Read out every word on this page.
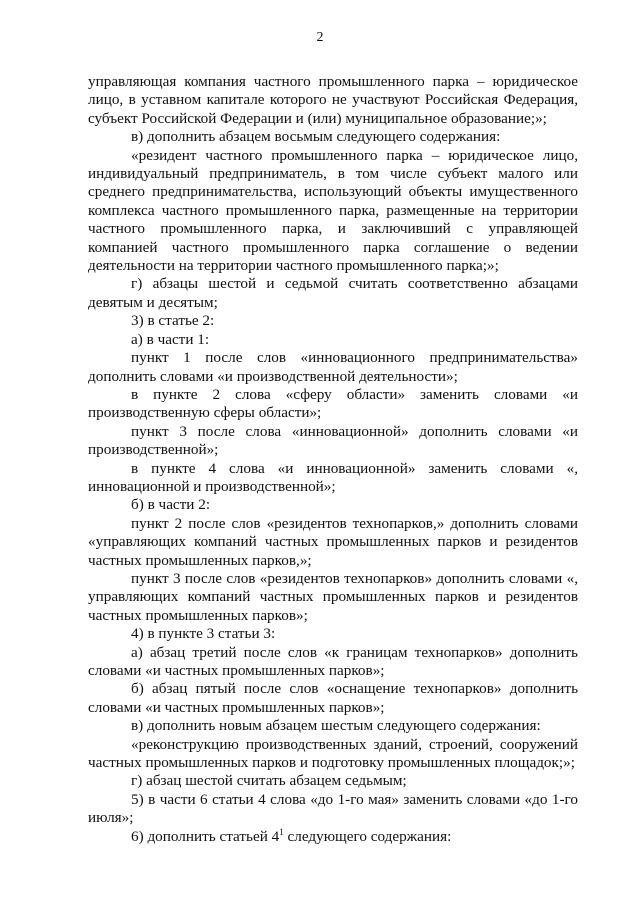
2

управляющая компания частного промышленного парка – юридическое лицо, в уставном капитале которого не участвуют Российская Федерация, субъект Российской Федерации и (или) муниципальное образование;»;

в) дополнить абзацем восьмым следующего содержания:

«резидент частного промышленного парка – юридическое лицо, индивидуальный предприниматель, в том числе субъект малого или среднего предпринимательства, использующий объекты имущественного комплекса частного промышленного парка, размещенные на территории частного промышленного парка, и заключивший с управляющей компанией частного промышленного парка соглашение о ведении деятельности на территории частного промышленного парка;»;

г) абзацы шестой и седьмой считать соответственно абзацами девятым и десятым;

3) в статье 2:

а) в части 1:

пункт 1 после слов «инновационного предпринимательства» дополнить словами «и производственной деятельности»;

в пункте 2 слова «сферу области» заменить словами «и производственную сферы области»;

пункт 3 после слова «инновационной» дополнить словами «и производственной»;

в пункте 4 слова «и инновационной» заменить словами «, инновационной и производственной»;

б) в части 2:

пункт 2 после слов «резидентов технопарков,» дополнить словами «управляющих компаний частных промышленных парков и резидентов частных промышленных парков,»;

пункт 3 после слов «резидентов технопарков» дополнить словами «, управляющих компаний частных промышленных парков и резидентов частных промышленных парков»;

4) в пункте 3 статьи 3:

а) абзац третий после слов «к границам технопарков» дополнить словами «и частных промышленных парков»;

б) абзац пятый после слов «оснащение технопарков» дополнить словами «и частных промышленных парков»;

в) дополнить новым абзацем шестым следующего содержания:

«реконструкцию производственных зданий, строений, сооружений частных промышленных парков и подготовку промышленных площадок;»;

г) абзац шестой считать абзацем седьмым;

5) в части 6 статьи 4 слова «до 1-го мая» заменить словами «до 1-го июля»;

6) дополнить статьей $4^1$ следующего содержания:
